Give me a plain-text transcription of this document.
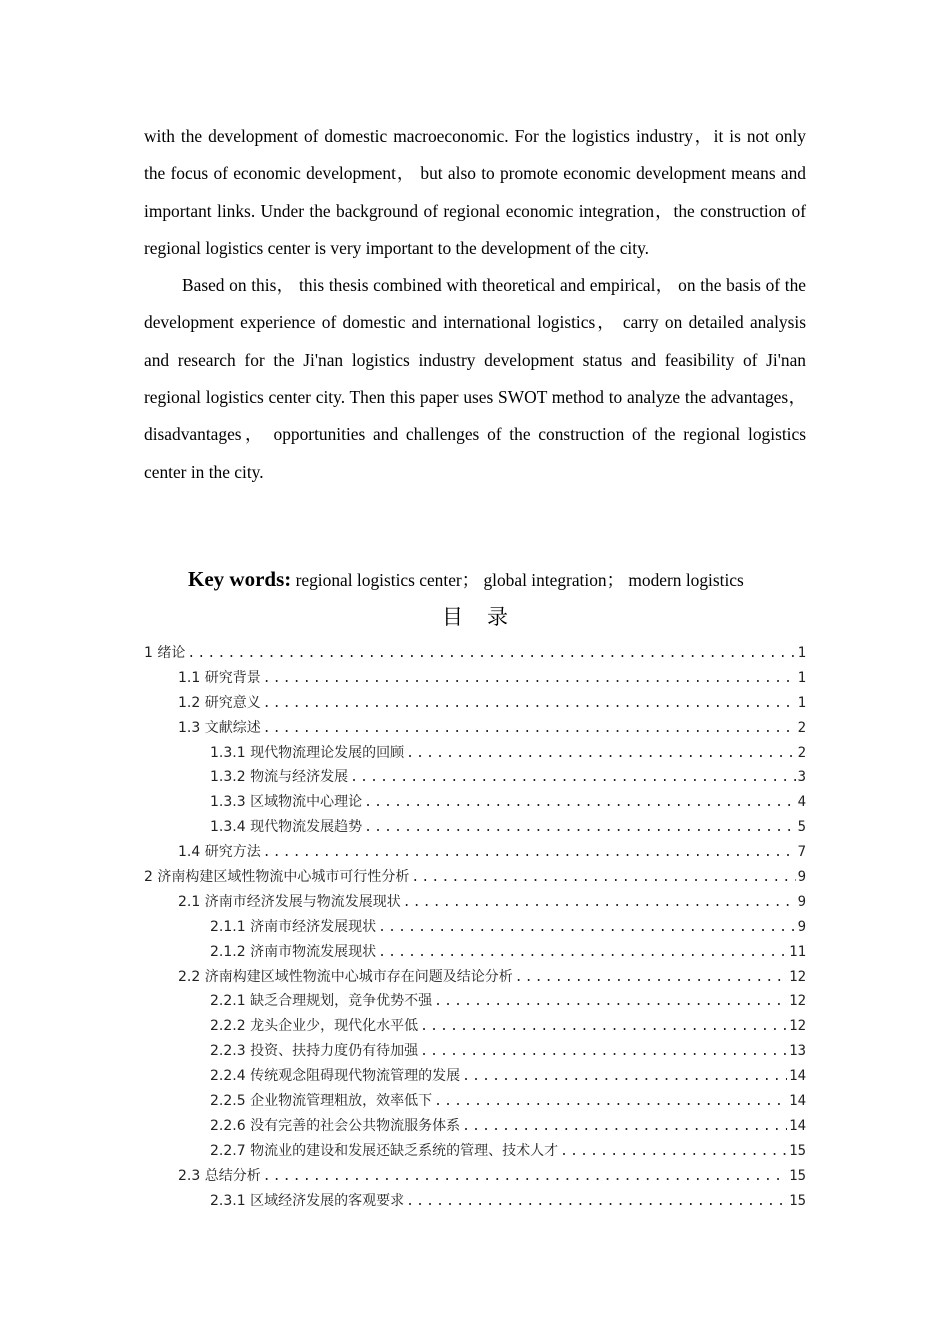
with the development of domestic macroeconomic. For the logistics industry，it is not only the focus of economic development， but also to promote economic development means and important links. Under the background of regional economic integration，the construction of regional logistics center is very important to the development of the city.

Based on this， this thesis combined with theoretical and empirical， on the basis of the development experience of domestic and international logistics， carry on detailed analysis and research for the Ji'nan logistics industry development status and feasibility of Ji'nan regional logistics center city. Then this paper uses SWOT method to analyze the advantages， disadvantages， opportunities and challenges of the construction of the regional logistics center in the city.

Key words: regional logistics center； global integration； modern logistics
目录
1 绪论 .....	1
1.1 研究背景 .....	1
1.2 研究意义 .....	1
1.3 文献综述 .....	2
1.3.1 现代物流理论发展的回顾 .....	2
1.3.2 物流与经济发展 .....	3
1.3.3 区域物流中心理论 .....	4
1.3.4 现代物流发展趋势 .....	5
1.4 研究方法 .....	7
2 济南构建区域性物流中心城市可行性分析 .....	9
2.1 济南市经济发展与物流发展现状 .....	9
2.1.1 济南市经济发展现状 .....	9
2.1.2 济南市物流发展现状 .....	11
2.2 济南构建区域性物流中心城市存在问题及结论分析 .....	12
2.2.1 缺乏合理规划，竞争优势不强 .....	12
2.2.2 龙头企业少，现代化水平低 .....	12
2.2.3 投资、扶持力度仍有待加强 .....	13
2.2.4 传统观念阻碍现代物流管理的发展 .....	14
2.2.5 企业物流管理粗放，效率低下 .....	14
2.2.6 没有完善的社会公共物流服务体系 .....	14
2.2.7 物流业的建设和发展还缺乏系统的管理、技术人才 .....	15
2.3 总结分析 .....	15
2.3.1 区域经济发展的客观要求 .....	15
